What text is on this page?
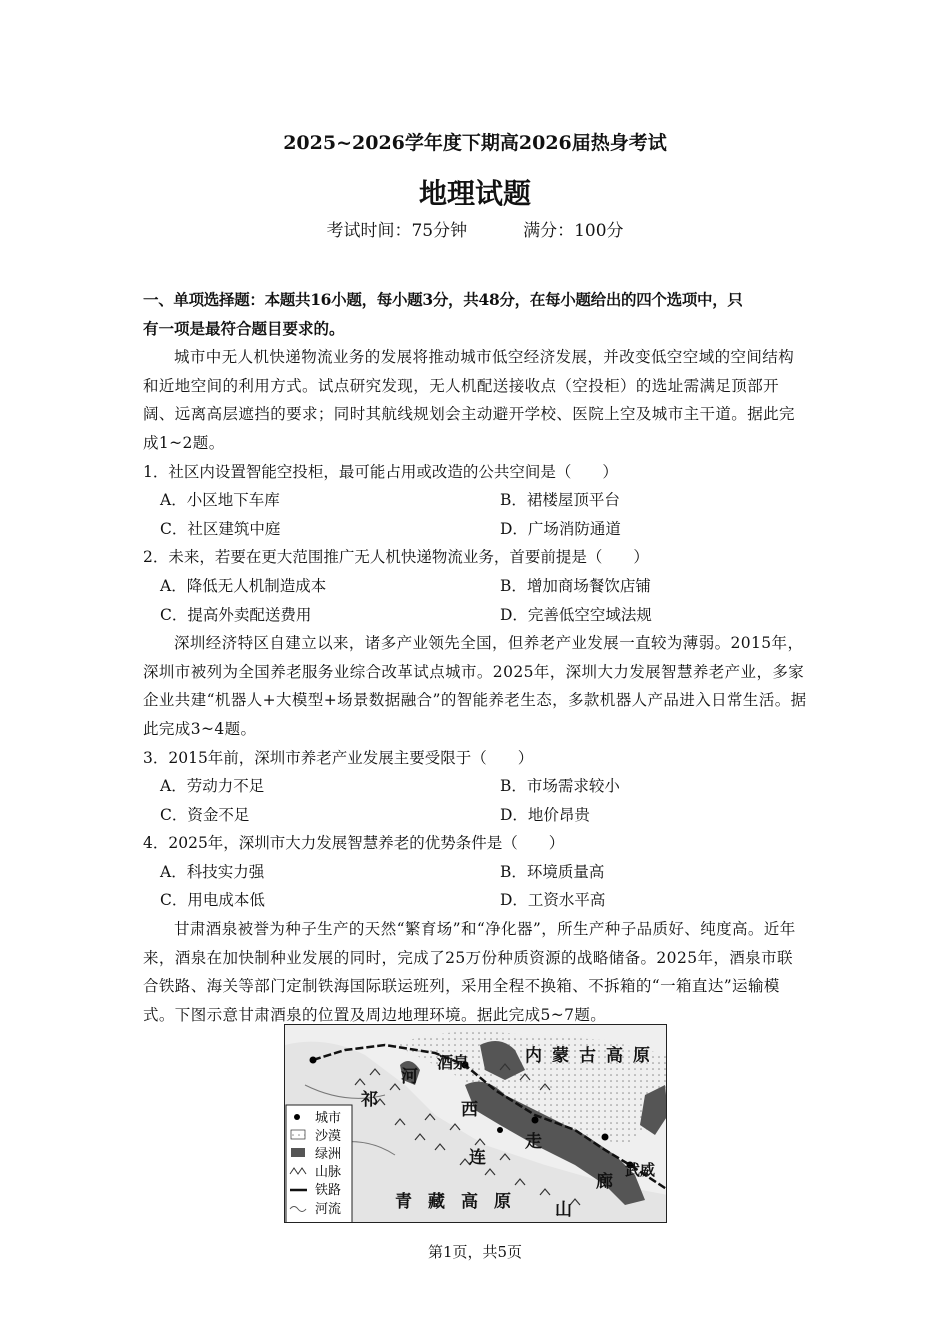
2025~2026学年度下期高2026届热身考试
地理试题
考试时间：75分钟	满分：100分
一、单项选择题：本题共16小题，每小题3分，共48分，在每小题给出的四个选项中，只
有一项是最符合题目要求的。
城市中无人机快递物流业务的发展将推动城市低空经济发展，并改变低空空域的空间结构和近地空间的利用方式。试点研究发现，无人机配送接收点（空投柜）的选址需满足顶部开阔、远离高层遮挡的要求；同时其航线规划会主动避开学校、医院上空及城市主干道。据此完成1~2题。
1．社区内设置智能空投柜，最可能占用或改造的公共空间是（　　）
A．小区地下车库	B．裙楼屋顶平台
C．社区建筑中庭	D．广场消防通道
2．未来，若要在更大范围推广无人机快递物流业务，首要前提是（　　）
A．降低无人机制造成本	B．增加商场餐饮店铺
C．提高外卖配送费用	D．完善低空空域法规
深圳经济特区自建立以来，诸多产业领先全国，但养老产业发展一直较为薄弱。2015年，深圳市被列为全国养老服务业综合改革试点城市。2025年，深圳大力发展智慧养老产业，多家企业共建“机器人+大模型+场景数据融合”的智能养老生态，多款机器人产品进入日常生活。据此完成3~4题。
3．2015年前，深圳市养老产业发展主要受限于（　　）
A．劳动力不足	B．市场需求较小
C．资金不足	D．地价昂贵
4．2025年，深圳市大力发展智慧养老的优势条件是（　　）
A．科技实力强	B．环境质量高
C．用电成本低	D．工资水平高
甘肃酒泉被誉为种子生产的天然“繁育场”和“净化器”，所生产种子品质好、纯度高。近年来，酒泉在加快制种业发展的同时，完成了25万份种质资源的战略储备。2025年，酒泉市联合铁路、海关等部门定制铁海国际联运班列，采用全程不换箱、不拆箱的“一箱直达”运输模式。下图示意甘肃酒泉的位置及周边地理环境。据此完成5~7题。
城市
沙漠
绿洲
山脉
铁路
河流
内蒙古高原
酒泉
武威
青藏高原
河
西
走
廊
祁
连
山
第1页，共5页
